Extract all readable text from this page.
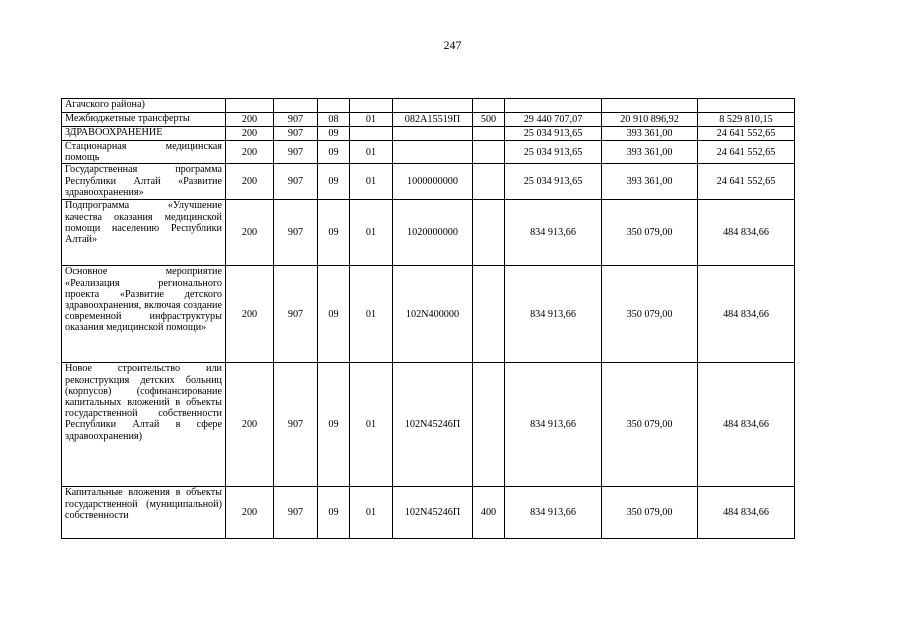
247
Агачского района)									
Межбюджетные трансферты	200	907	08	01	082A15519П	500	29 440 707,07	20 910 896,92	8 529 810,15
ЗДРАВООХРАНЕНИЕ	200	907	09				25 034 913,65	393 361,00	24 641 552,65
Стационарная медицинская помощь	200	907	09	01			25 034 913,65	393 361,00	24 641 552,65
Государственная программа Республики Алтай «Развитие здравоохранения»	200	907	09	01	1000000000		25 034 913,65	393 361,00	24 641 552,65
Подпрограмма «Улучшение качества оказания медицинской помощи населению Республики Алтай»	200	907	09	01	1020000000		834 913,66	350 079,00	484 834,66
Основное мероприятие «Реализация регионального проекта «Развитие детского здравоохранения, включая создание современной инфраструктуры оказания медицинской помощи»	200	907	09	01	102N400000		834 913,66	350 079,00	484 834,66
Новое строительство или реконструкция детских больниц (корпусов) (софинансирование капитальных вложений в объекты государственной собственности Республики Алтай в сфере здравоохранения)	200	907	09	01	102N45246П		834 913,66	350 079,00	484 834,66
Капитальные вложения в объекты государственной (муниципальной) собственности	200	907	09	01	102N45246П	400	834 913,66	350 079,00	484 834,66
